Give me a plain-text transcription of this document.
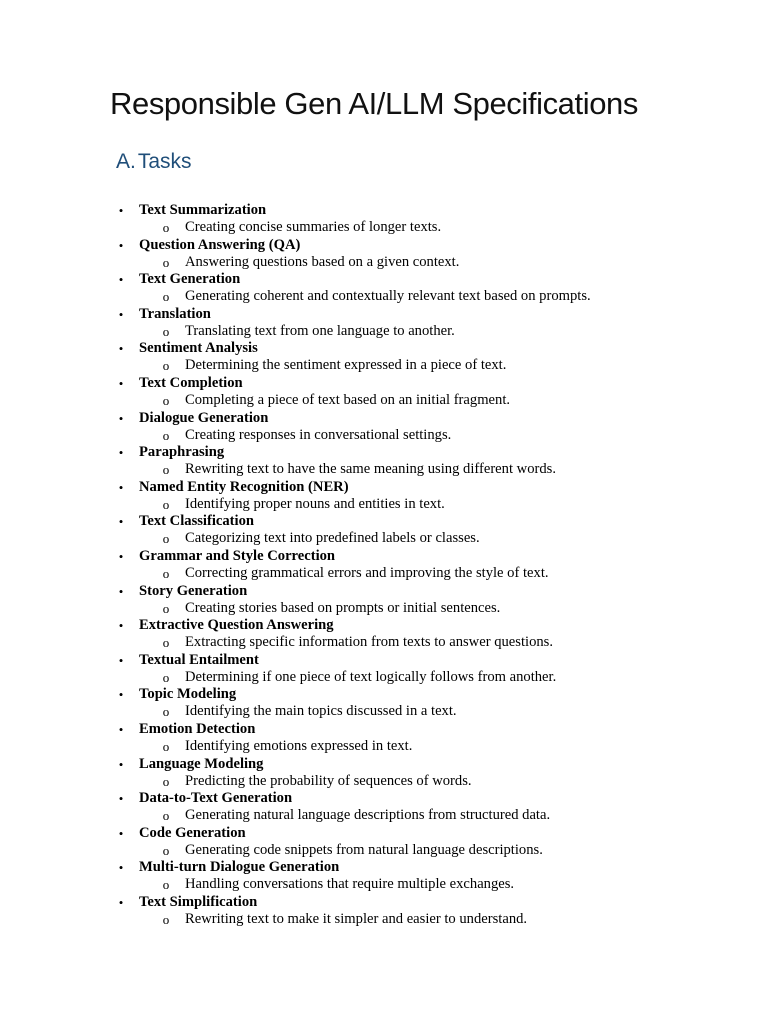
Responsible Gen AI/LLM Specifications
A.Tasks
• Text Summarization
o Creating concise summaries of longer texts.
• Question Answering (QA)
o Answering questions based on a given context.
• Text Generation
o Generating coherent and contextually relevant text based on prompts.
• Translation
o Translating text from one language to another.
• Sentiment Analysis
o Determining the sentiment expressed in a piece of text.
• Text Completion
o Completing a piece of text based on an initial fragment.
• Dialogue Generation
o Creating responses in conversational settings.
• Paraphrasing
o Rewriting text to have the same meaning using different words.
• Named Entity Recognition (NER)
o Identifying proper nouns and entities in text.
• Text Classification
o Categorizing text into predefined labels or classes.
• Grammar and Style Correction
o Correcting grammatical errors and improving the style of text.
• Story Generation
o Creating stories based on prompts or initial sentences.
• Extractive Question Answering
o Extracting specific information from texts to answer questions.
• Textual Entailment
o Determining if one piece of text logically follows from another.
• Topic Modeling
o Identifying the main topics discussed in a text.
• Emotion Detection
o Identifying emotions expressed in text.
• Language Modeling
o Predicting the probability of sequences of words.
• Data-to-Text Generation
o Generating natural language descriptions from structured data.
• Code Generation
o Generating code snippets from natural language descriptions.
• Multi-turn Dialogue Generation
o Handling conversations that require multiple exchanges.
• Text Simplification
o Rewriting text to make it simpler and easier to understand.
